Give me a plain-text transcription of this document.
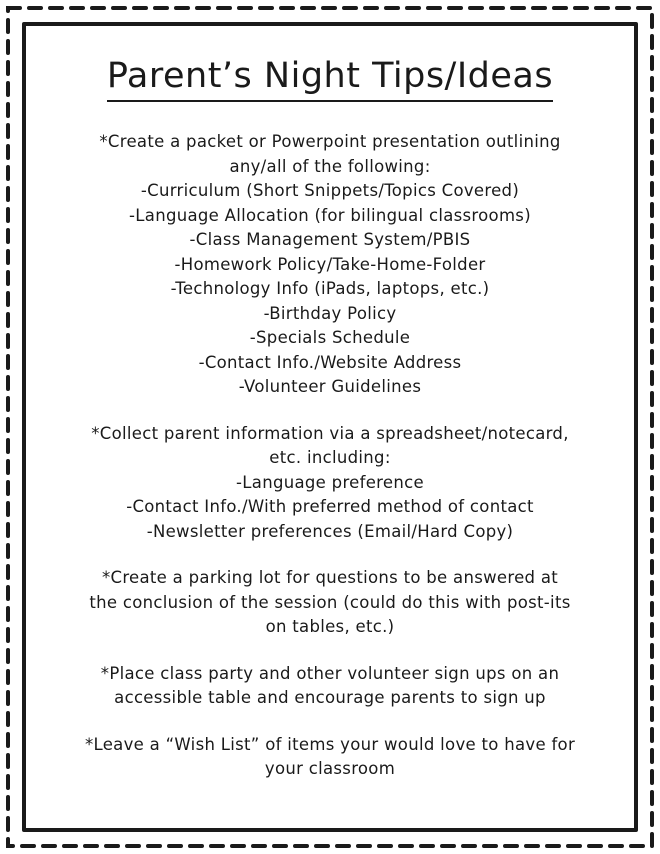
Parent’s Night Tips/Ideas
*Create a packet or Powerpoint presentation outlining
any/all of the following:
-Curriculum (Short Snippets/Topics Covered)
-Language Allocation (for bilingual classrooms)
-Class Management System/PBIS
-Homework Policy/Take-Home-Folder
-Technology Info (iPads, laptops, etc.)
-Birthday Policy
-Specials Schedule
-Contact Info./Website Address
-Volunteer Guidelines
*Collect parent information via a spreadsheet/notecard,
etc. including:
-Language preference
-Contact Info./With preferred method of contact
-Newsletter preferences (Email/Hard Copy)
*Create a parking lot for questions to be answered at
the conclusion of the session (could do this with post-its
on tables, etc.)
*Place class party and other volunteer sign ups on an
accessible table and encourage parents to sign up
*Leave a “Wish List” of items your would love to have for
your classroom
